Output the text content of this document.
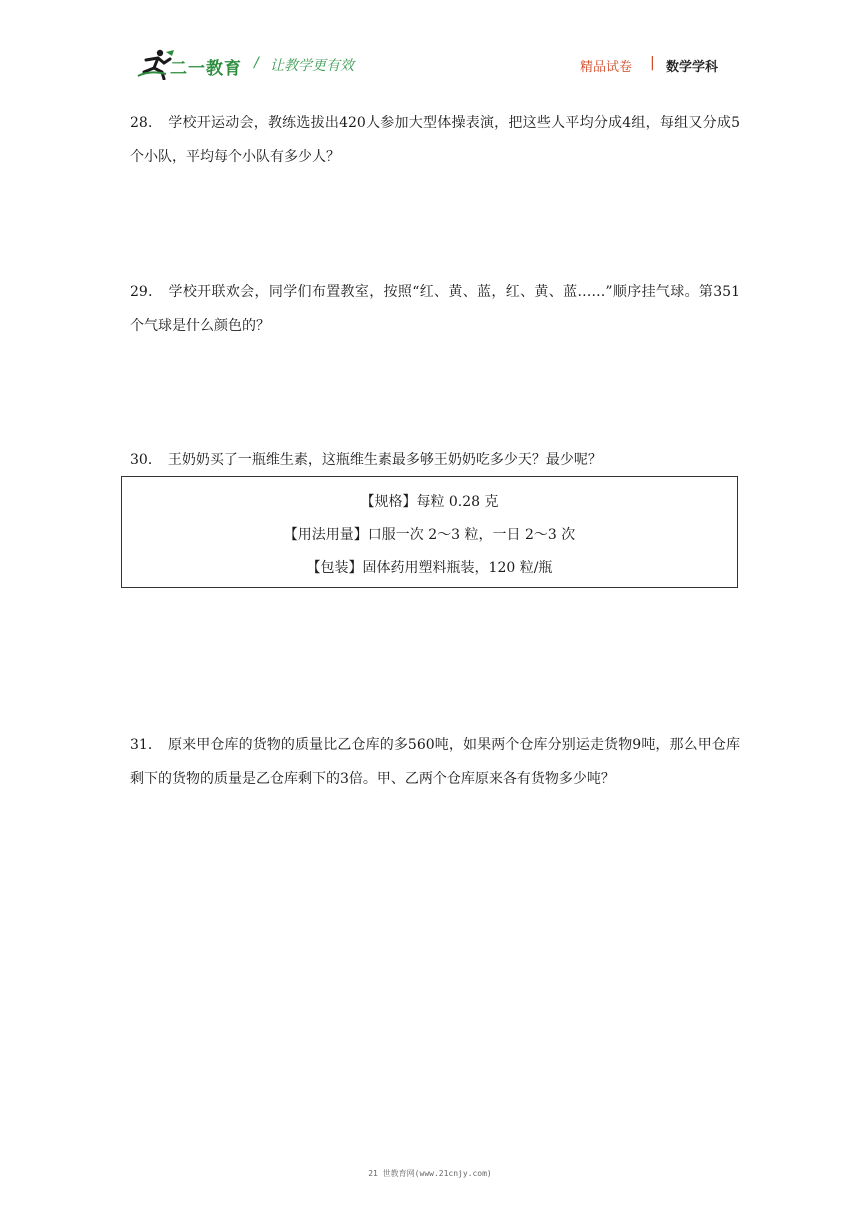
二一教育 / 让教学更有效	精品试卷 | 数学学科
28． 学校开运动会，教练选拔出420人参加大型体操表演，把这些人平均分成4组，每组又分成5个小队，平均每个小队有多少人？
29． 学校开联欢会，同学们布置教室，按照“红、黄、蓝，红、黄、蓝……”顺序挂气球。第351个气球是什么颜色的？
30． 王奶奶买了一瓶维生素，这瓶维生素最多够王奶奶吃多少天？最少呢？
【规格】每粒 0.28 克
【用法用量】口服一次 2～3 粒，一日 2～3 次
【包装】固体药用塑料瓶装，120 粒/瓶
31． 原来甲仓库的货物的质量比乙仓库的多560吨，如果两个仓库分别运走货物9吨，那么甲仓库剩下的货物的质量是乙仓库剩下的3倍。甲、乙两个仓库原来各有货物多少吨？
21 世教育网(www.21cnjy.com)
